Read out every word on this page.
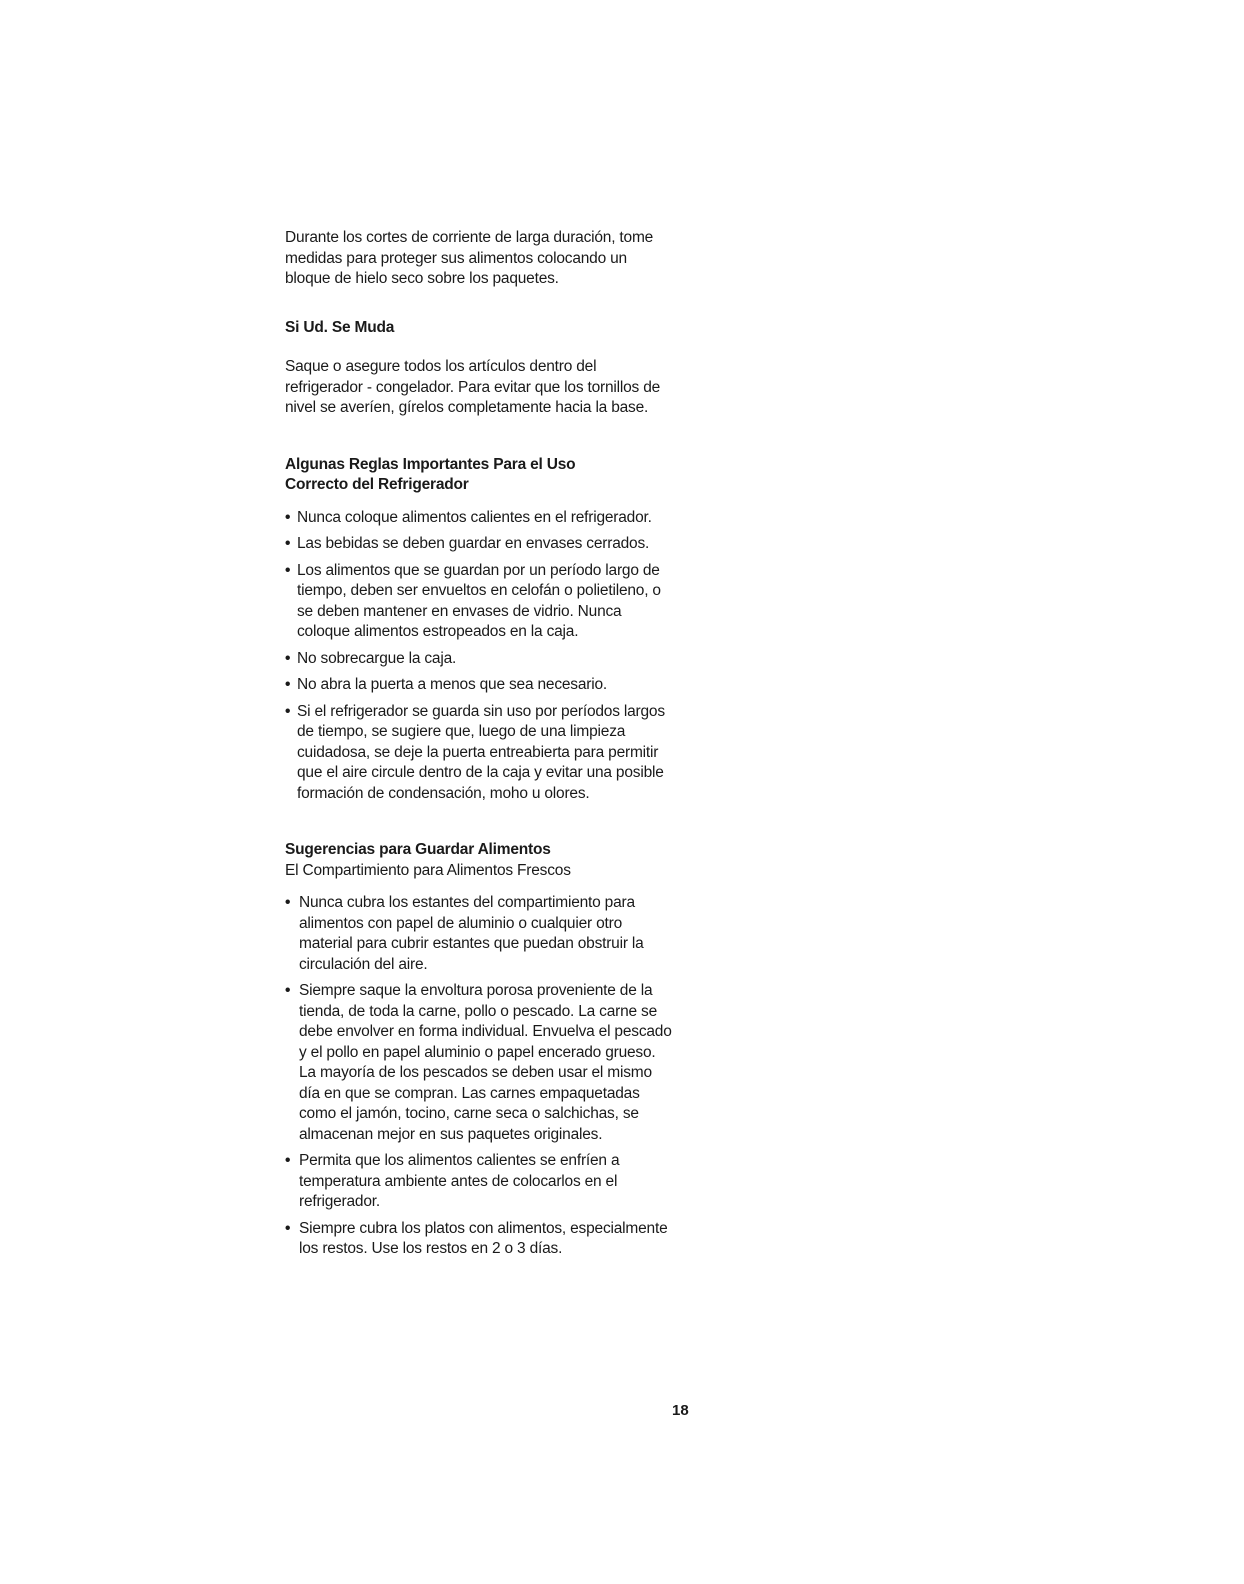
Durante los cortes de corriente de larga duración, tome medidas para proteger sus alimentos colocando un bloque de hielo seco sobre los paquetes.

Si Ud. Se Muda

Saque o asegure todos los artículos dentro del refrigerador - congelador. Para evitar que los tornillos de nivel se averíen, gírelos completamente hacia la base.

Algunas Reglas Importantes Para el Uso
Correcto del Refrigerador
• Nunca coloque alimentos calientes en el refrigerador.
• Las bebidas se deben guardar en envases cerrados.
• Los alimentos que se guardan por un período largo de tiempo, deben ser envueltos en celofán o polietileno, o se deben mantener en envases de vidrio. Nunca coloque alimentos estropeados en la caja.
• No sobrecargue la caja.
• No abra la puerta a menos que sea necesario.
• Si el refrigerador se guarda sin uso por períodos largos de tiempo, se sugiere que, luego de una limpieza cuidadosa, se deje la puerta entreabierta para permitir que el aire circule dentro de la caja y evitar una posible formación de condensación, moho u olores.
Sugerencias para Guardar Alimentos
El Compartimiento para Alimentos Frescos
• Nunca cubra los estantes del compartimiento para alimentos con papel de aluminio o cualquier otro material para cubrir estantes que puedan obstruir la circulación del aire.
• Siempre saque la envoltura porosa proveniente de la tienda, de toda la carne, pollo o pescado. La carne se debe envolver en forma individual. Envuelva el pescado y el pollo en papel aluminio o papel encerado grueso. La mayoría de los pescados se deben usar el mismo día en que se compran. Las carnes empaquetadas como el jamón, tocino, carne seca o salchichas, se almacenan mejor en sus paquetes originales.
• Permita que los alimentos calientes se enfríen a temperatura ambiente antes de colocarlos en el refrigerador.
• Siempre cubra los platos con alimentos, especialmente los restos. Use los restos en 2 o 3 días.
18
